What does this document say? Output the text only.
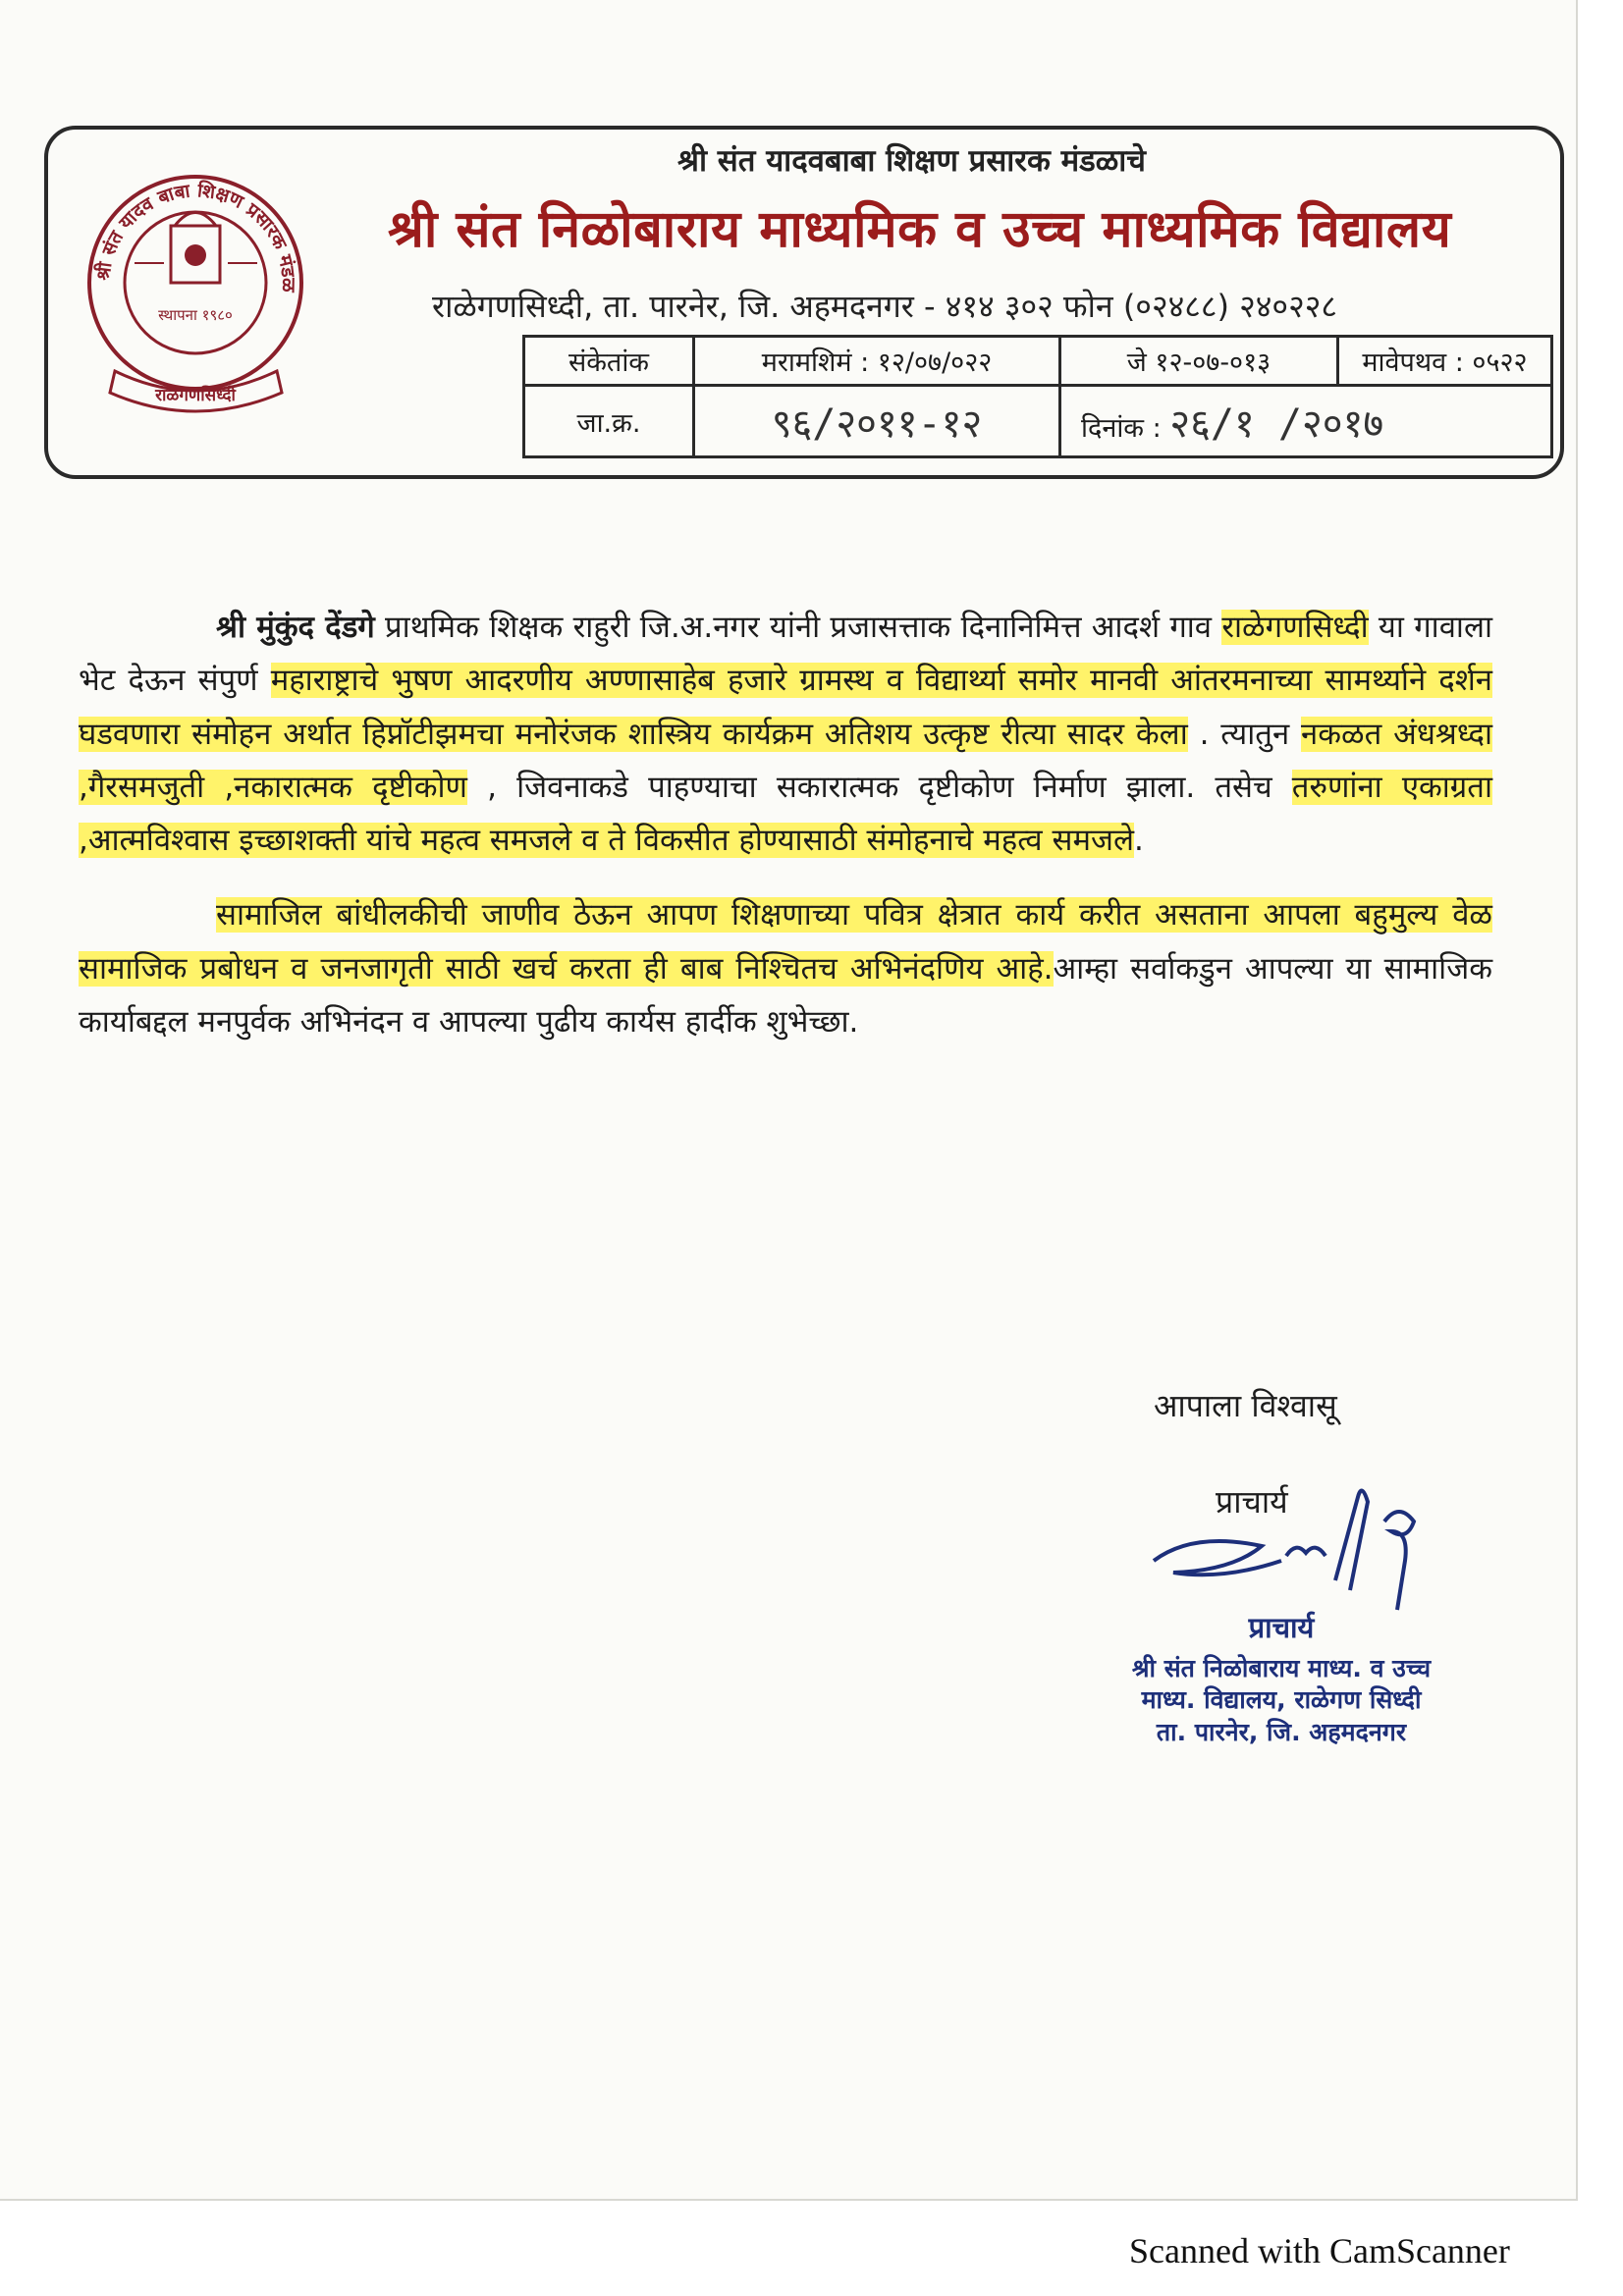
श्री संत यादव बाबा शिक्षण प्रसारक मंडळ
स्थापना १९८०
राळेगणसिध्दी
श्री संत यादवबाबा शिक्षण प्रसारक मंडळाचे
श्री संत निळोबाराय माध्यमिक व उच्च माध्यमिक विद्यालय
राळेगणसिध्दी, ता. पारनेर, जि. अहमदनगर - ४१४ ३०२ फोन (०२४८८) २४०२२८
संकेतांक	मरामशिमं : १२/०७/०२२	जे १२-०७-०१३	मावेपथव : ०५२२
जा.क्र.	९६/२०११-१२	दिनांक : २६/१ /२०१७	

श्री मुंकुंद देंडगे प्राथमिक शिक्षक राहुरी जि.अ.नगर यांनी प्रजासत्ताक दिनानिमित्त आदर्श गाव राळेगणसिध्दी या गावाला भेट देऊन संपुर्ण महाराष्ट्राचे भुषण आदरणीय अण्णासाहेब हजारे ग्रामस्थ व विद्यार्थ्या समोर मानवी आंतरमनाच्या सामर्थ्याने दर्शन घडवणारा संमोहन अर्थात हिप्नॉटीझमचा मनोरंजक शास्त्रिय कार्यक्रम अतिशय उत्कृष्ट रीत्या सादर केला . त्यातुन नकळत अंधश्रध्दा ,गैरसमजुती ,नकारात्मक दृष्टीकोण , जिवनाकडे पाहण्याचा सकारात्मक दृष्टीकोण निर्माण झाला. तसेच तरुणांना एकाग्रता ,आत्मविश्वास इच्छाशक्ती यांचे महत्व समजले व ते विकसीत होण्यासाठी संमोहनाचे महत्व समजले.

सामाजिल बांधीलकीची जाणीव ठेऊन आपण शिक्षणाच्या पवित्र क्षेत्रात कार्य करीत असताना आपला बहुमुल्य वेळ सामाजिक प्रबोधन व जनजागृती साठी खर्च करता ही बाब निश्चितच अभिनंदणिय आहे.आम्हा सर्वाकडुन आपल्या या सामाजिक कार्याबद्दल मनपुर्वक अभिनंदन व आपल्या पुढीय कार्यस हार्दीक शुभेच्छा.

आपाला विश्वासू
प्राचार्य
प्राचार्य
श्री संत निळोबाराय माध्य. व उच्च
माध्य. विद्यालय, राळेगण सिध्दी
ता. पारनेर, जि. अहमदनगर
Scanned with CamScanner
